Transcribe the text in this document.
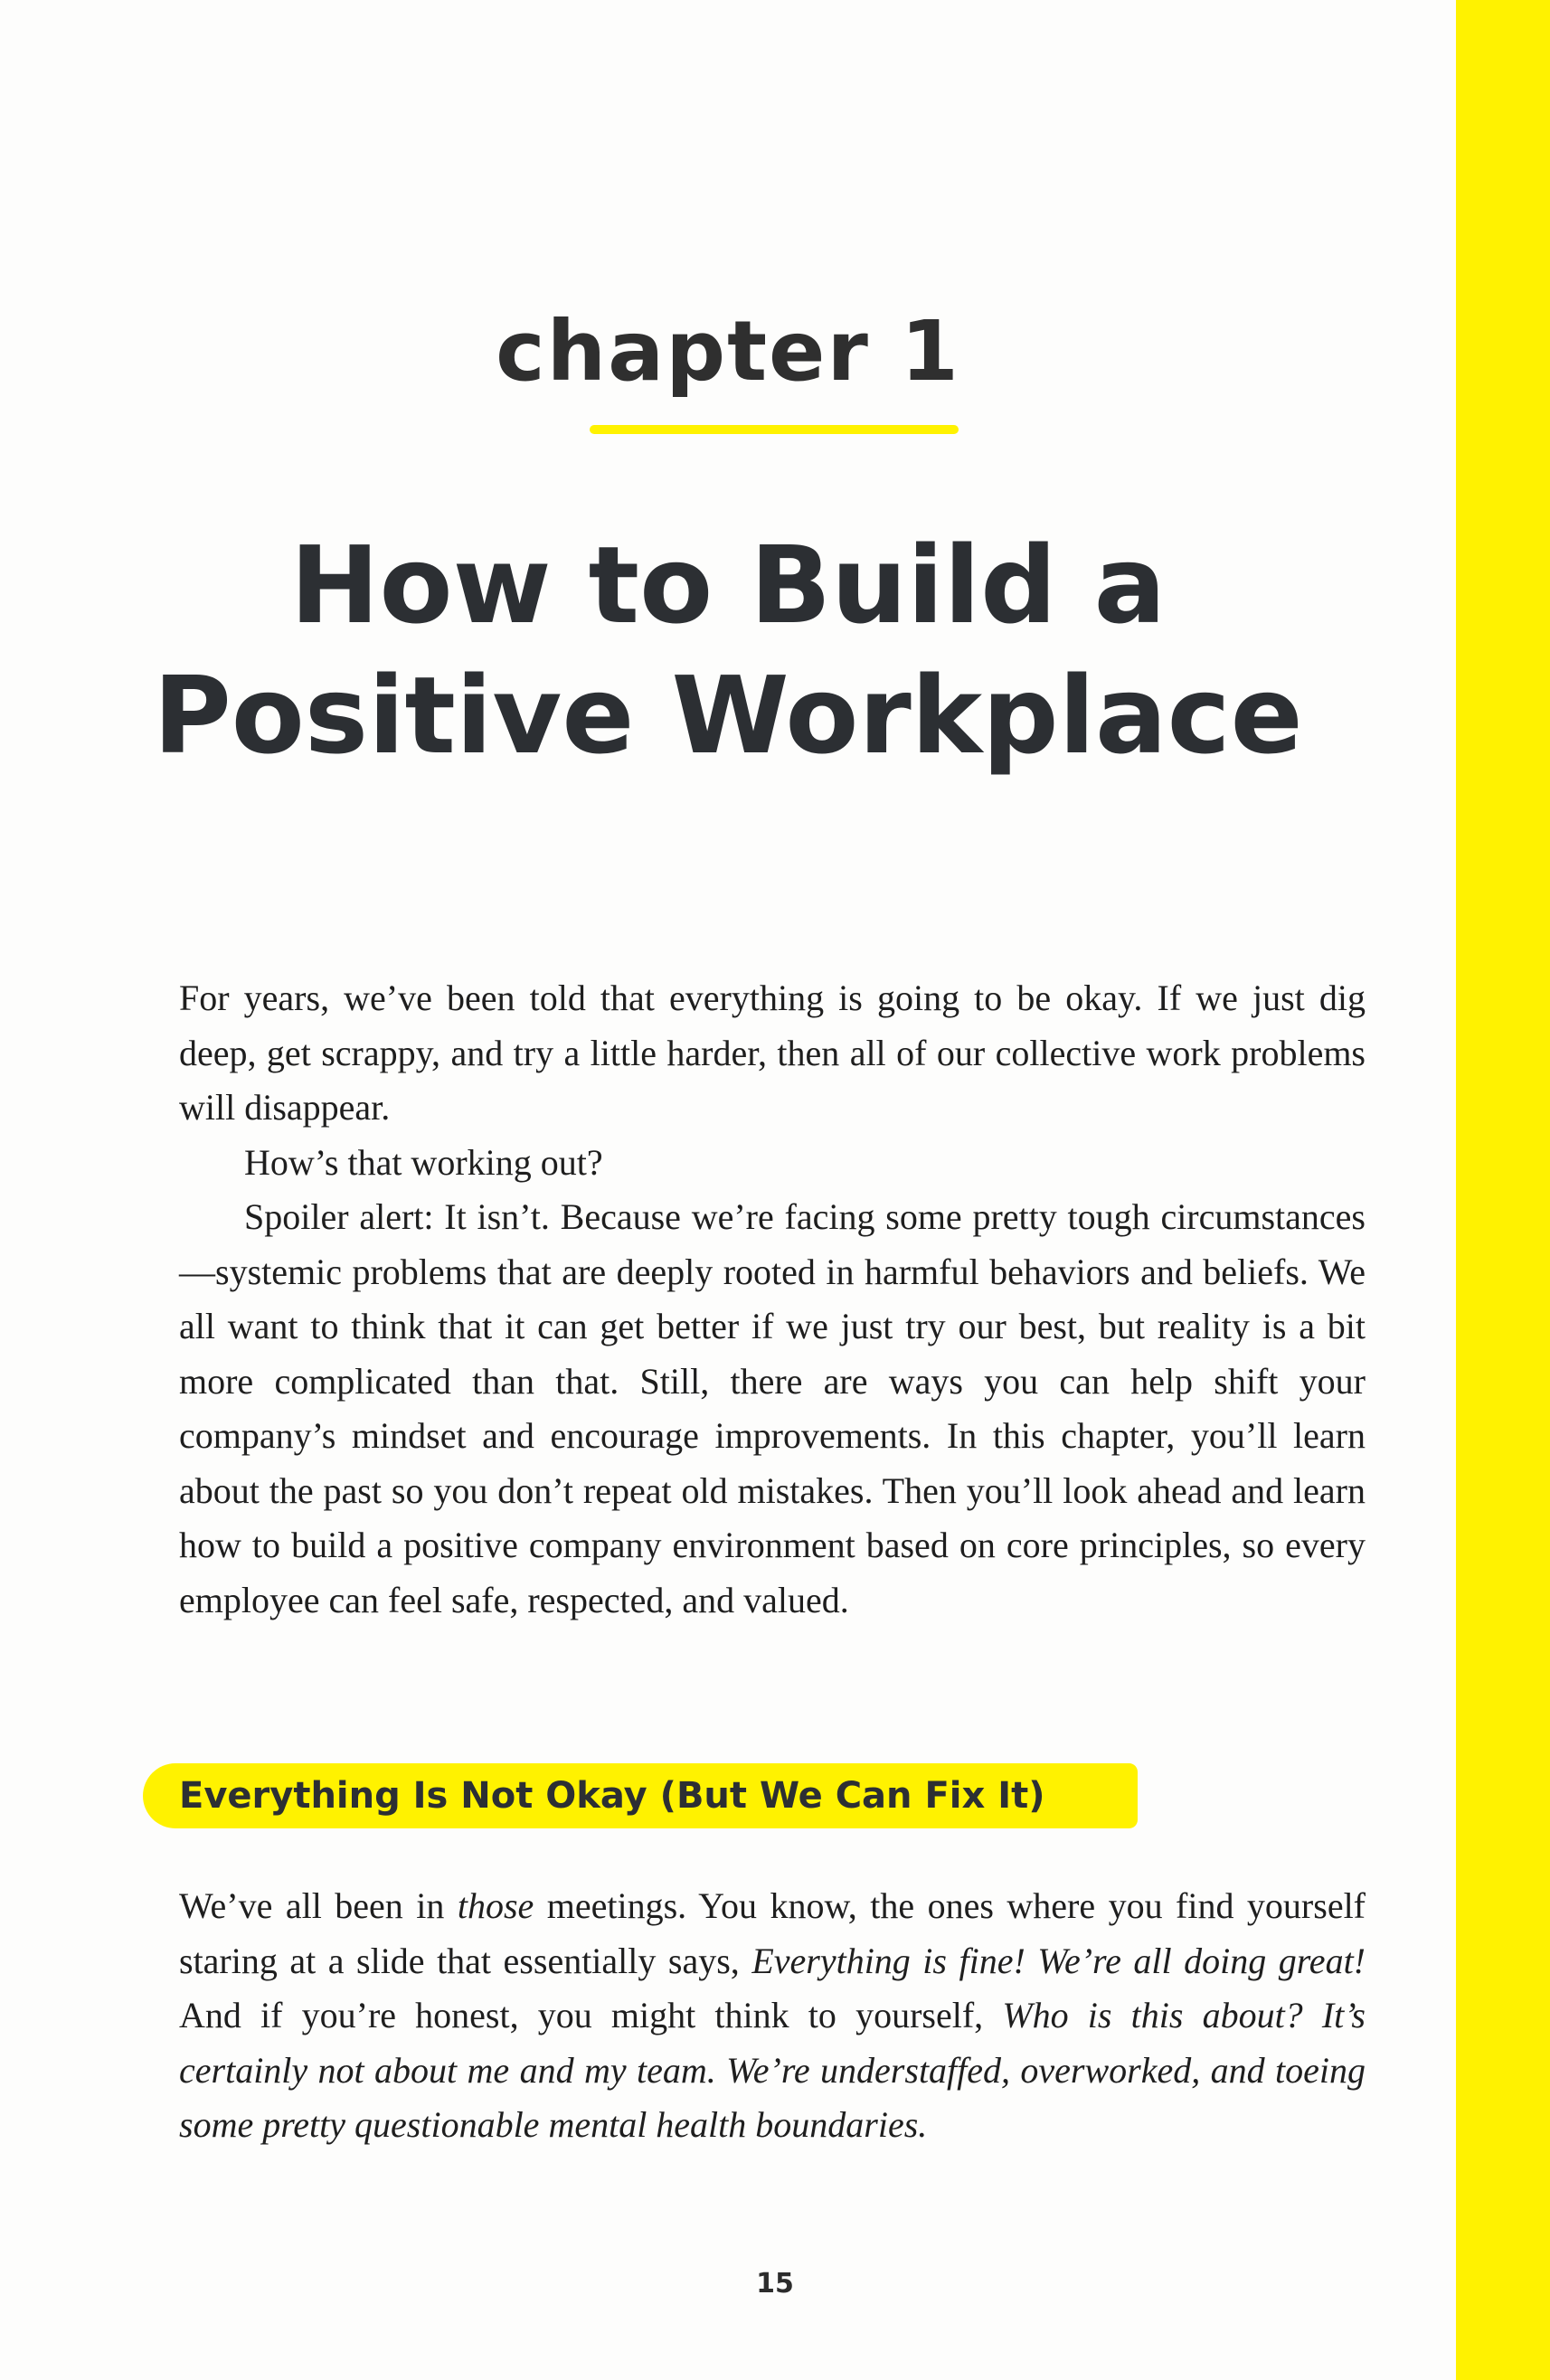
chapter 1
How to Build a
Positive Workplace

For years, we’ve been told that everything is going to be okay. If we just dig deep, get scrappy, and try a little harder, then all of our collective work problems will disappear.

How’s that working out?

Spoiler alert: It isn’t. Because we’re facing some pretty tough circumstances—systemic problems that are deeply rooted in harmful behaviors and beliefs. We all want to think that it can get better if we just try our best, but reality is a bit more complicated than that. Still, there are ways you can help shift your company’s mindset and encourage improvements. In this chapter, you’ll learn about the past so you don’t repeat old mistakes. Then you’ll look ahead and learn how to build a positive company environment based on core principles, so every employee can feel safe, respected, and valued.

Everything Is Not Okay (But We Can Fix It)

We’ve all been in those meetings. You know, the ones where you find yourself staring at a slide that essentially says, Everything is fine! We’re all doing great! And if you’re honest, you might think to yourself, Who is this about? It’s certainly not about me and my team. We’re understaffed, overworked, and toeing some pretty questionable mental health boundaries.

15
